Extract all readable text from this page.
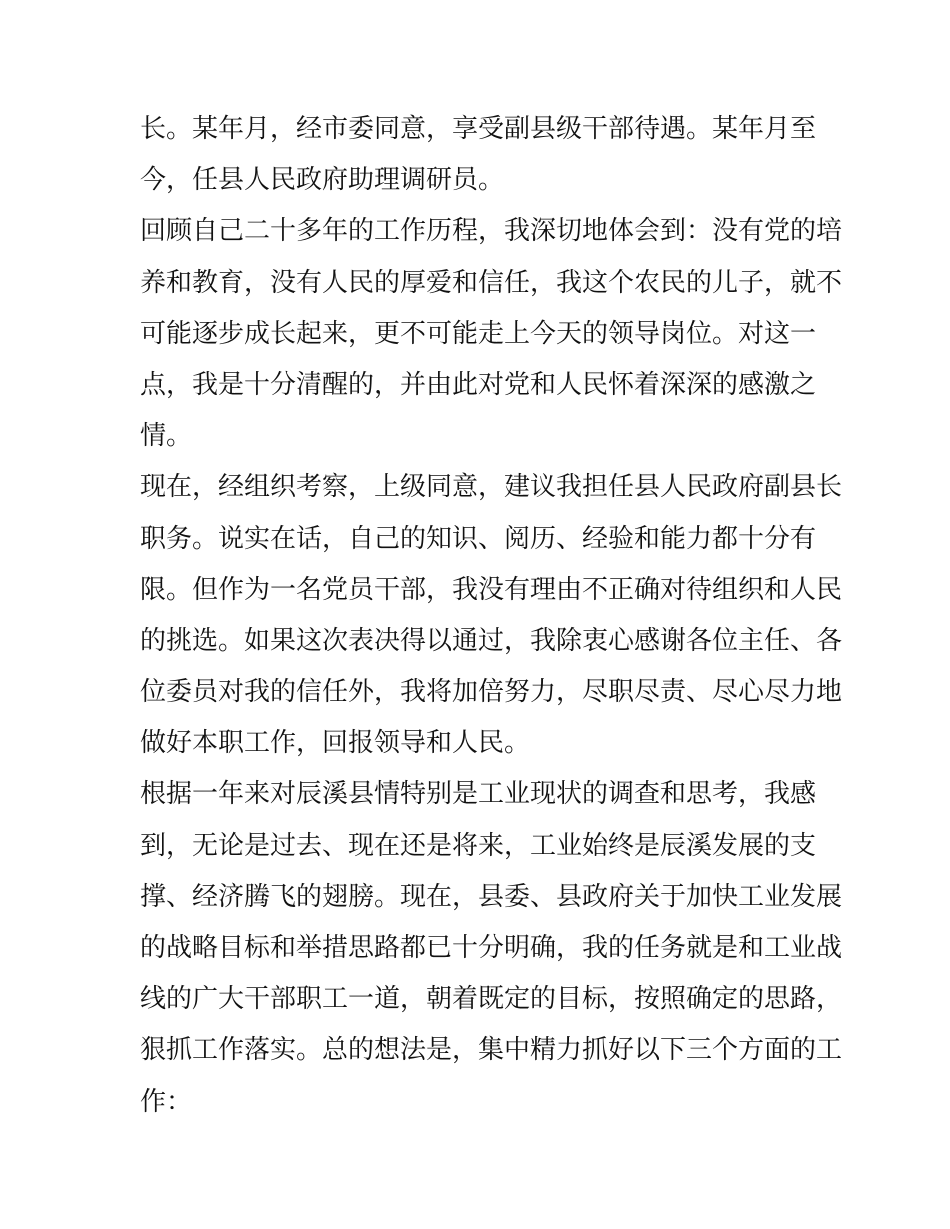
长。某年月，经市委同意，享受副县级干部待遇。某年月至
今，任县人民政府助理调研员。
回顾自己二十多年的工作历程，我深切地体会到：没有党的培
养和教育，没有人民的厚爱和信任，我这个农民的儿子，就不
可能逐步成长起来，更不可能走上今天的领导岗位。对这一
点，我是十分清醒的，并由此对党和人民怀着深深的感激之
情。
现在，经组织考察，上级同意，建议我担任县人民政府副县长
职务。说实在话，自己的知识、阅历、经验和能力都十分有
限。但作为一名党员干部，我没有理由不正确对待组织和人民
的挑选。如果这次表决得以通过，我除衷心感谢各位主任、各
位委员对我的信任外，我将加倍努力，尽职尽责、尽心尽力地
做好本职工作，回报领导和人民。
根据一年来对辰溪县情特别是工业现状的调查和思考，我感
到，无论是过去、现在还是将来，工业始终是辰溪发展的支
撑、经济腾飞的翅膀。现在，县委、县政府关于加快工业发展
的战略目标和举措思路都已十分明确，我的任务就是和工业战
线的广大干部职工一道，朝着既定的目标，按照确定的思路，
狠抓工作落实。总的想法是，集中精力抓好以下三个方面的工
作：
